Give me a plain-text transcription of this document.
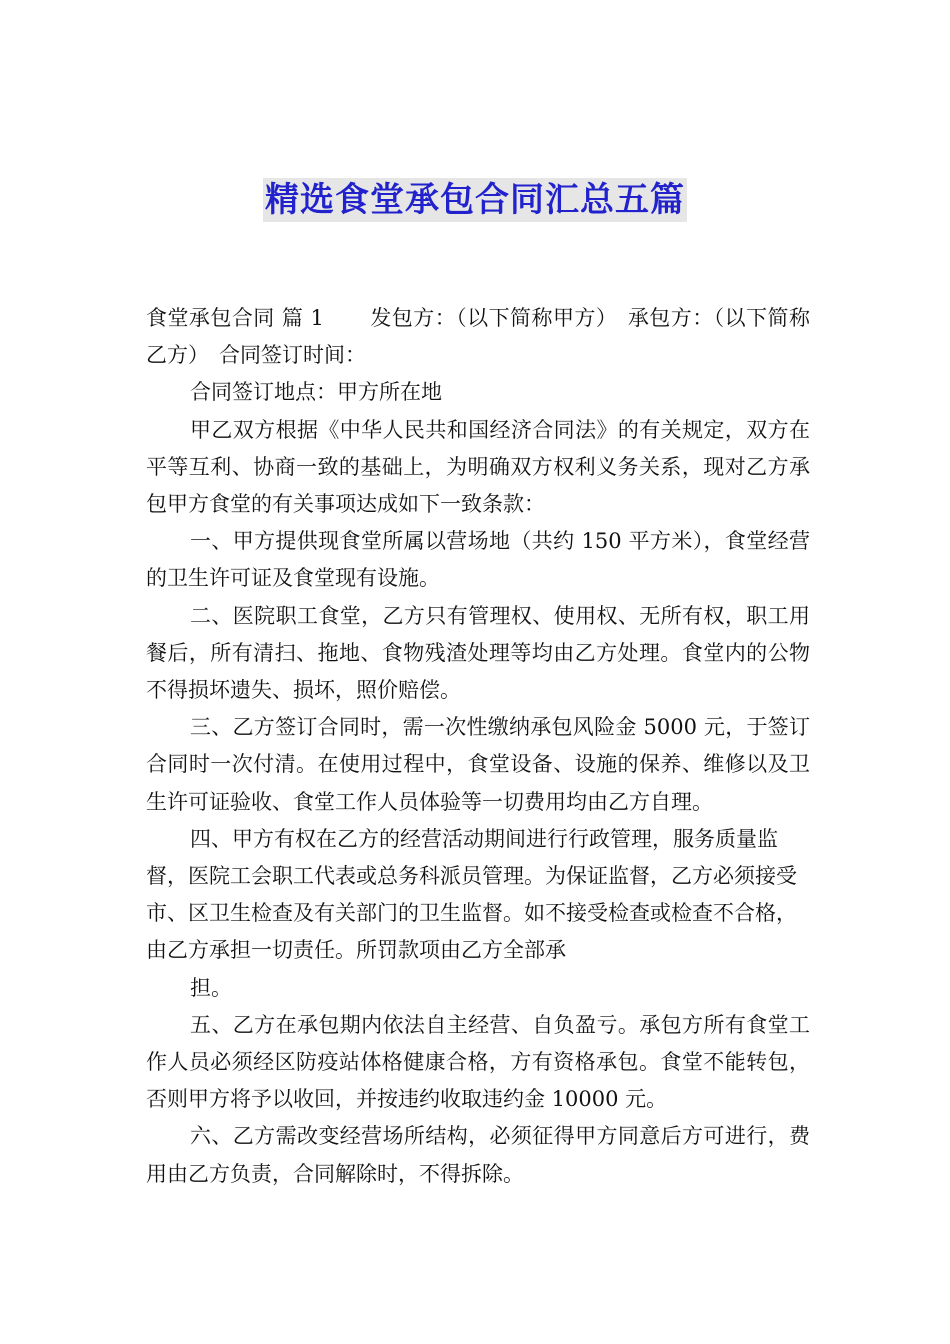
精选食堂承包合同汇总五篇

食堂承包合同 篇 1 发包方：（以下简称甲方） 承包方：（以下简称乙方） 合同签订时间：

合同签订地点：甲方所在地

甲乙双方根据《中华人民共和国经济合同法》的有关规定，双方在平等互利、协商一致的基础上，为明确双方权利义务关系，现对乙方承包甲方食堂的有关事项达成如下一致条款：

一、甲方提供现食堂所属以营场地（共约 150 平方米），食堂经营的卫生许可证及食堂现有设施。

二、医院职工食堂，乙方只有管理权、使用权、无所有权，职工用餐后，所有清扫、拖地、食物残渣处理等均由乙方处理。食堂内的公物不得损坏遗失、损坏，照价赔偿。

三、乙方签订合同时，需一次性缴纳承包风险金 5000 元，于签订合同时一次付清。在使用过程中，食堂设备、设施的保养、维修以及卫生许可证验收、食堂工作人员体验等一切费用均由乙方自理。

四、甲方有权在乙方的经营活动期间进行行政管理，服务质量监督，医院工会职工代表或总务科派员管理。为保证监督，乙方必须接受市、区卫生检查及有关部门的卫生监督。如不接受检查或检查不合格，由乙方承担一切责任。所罚款项由乙方全部承

担。

五、乙方在承包期内依法自主经营、自负盈亏。承包方所有食堂工作人员必须经区防疫站体格健康合格，方有资格承包。食堂不能转包，否则甲方将予以收回，并按违约收取违约金 10000 元。

六、乙方需改变经营场所结构，必须征得甲方同意后方可进行，费用由乙方负责，合同解除时，不得拆除。
